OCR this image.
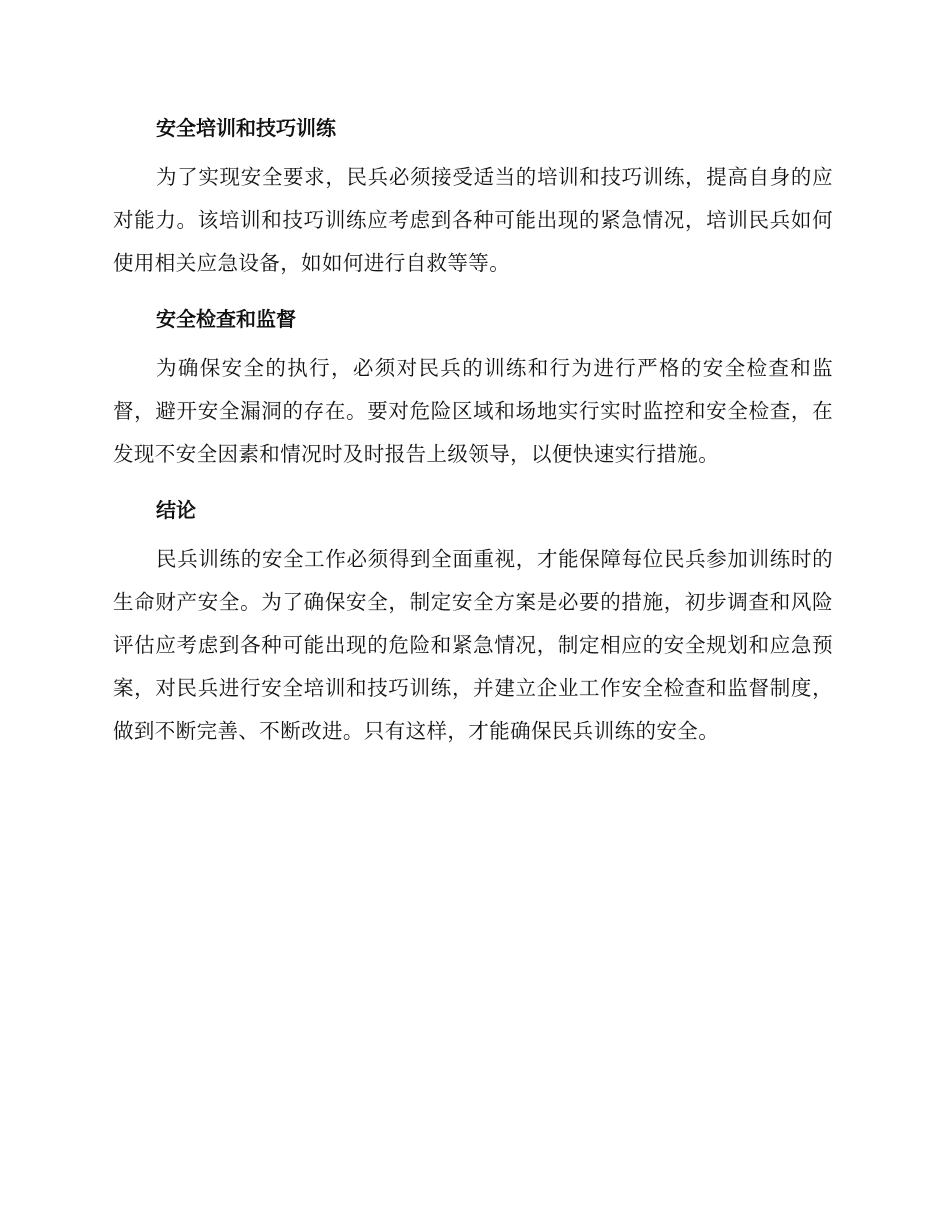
安全培训和技巧训练

为了实现安全要求，民兵必须接受适当的培训和技巧训练，提高自身的应对能力。该培训和技巧训练应考虑到各种可能出现的紧急情况，培训民兵如何使用相关应急设备，如如何进行自救等等。

安全检查和监督

为确保安全的执行，必须对民兵的训练和行为进行严格的安全检查和监督，避开安全漏洞的存在。要对危险区域和场地实行实时监控和安全检查，在发现不安全因素和情况时及时报告上级领导，以便快速实行措施。

结论

民兵训练的安全工作必须得到全面重视，才能保障每位民兵参加训练时的生命财产安全。为了确保安全，制定安全方案是必要的措施，初步调查和风险评估应考虑到各种可能出现的危险和紧急情况，制定相应的安全规划和应急预案，对民兵进行安全培训和技巧训练，并建立企业工作安全检查和监督制度，做到不断完善、不断改进。只有这样，才能确保民兵训练的安全。
